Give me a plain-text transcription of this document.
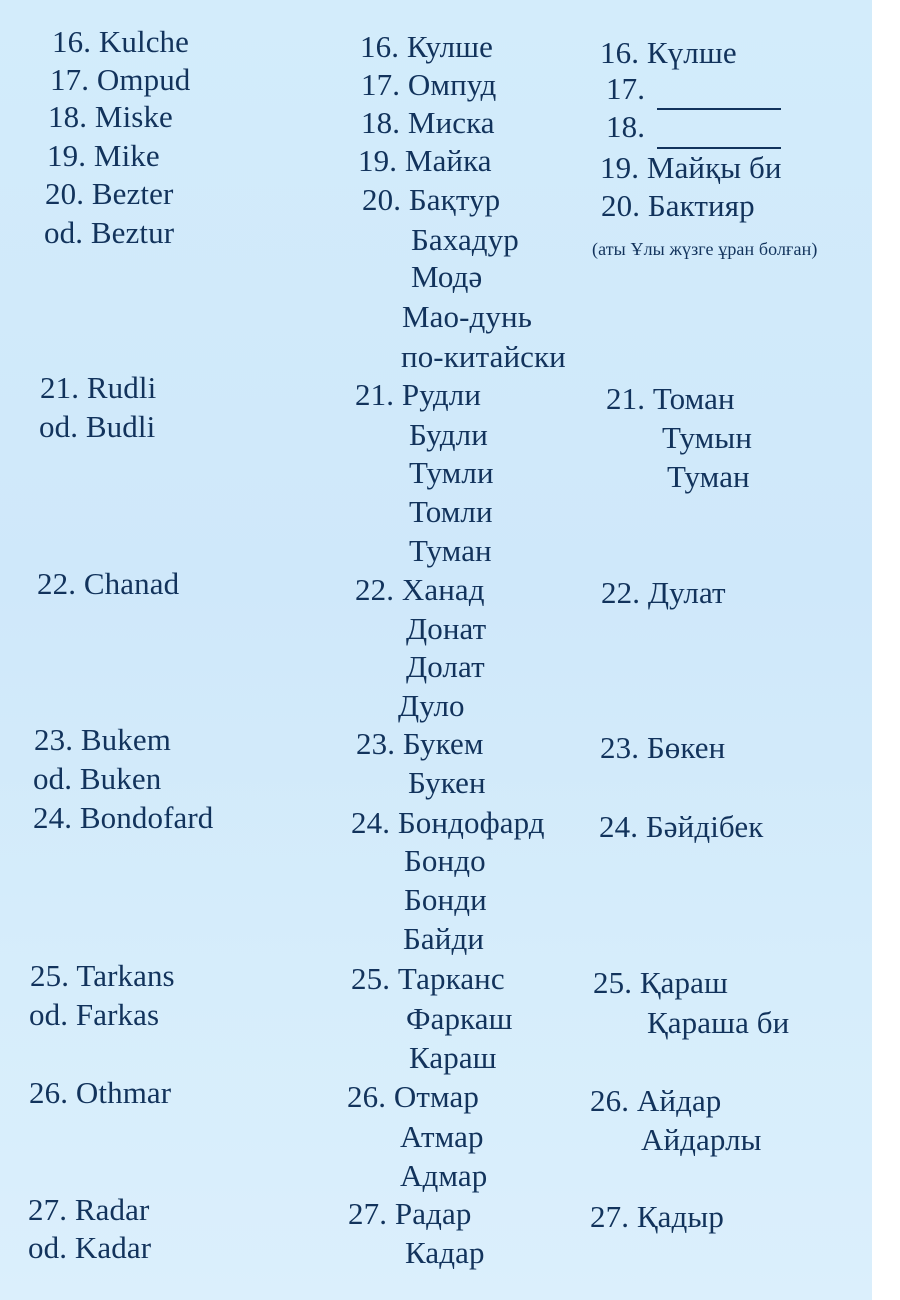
16. Kulche
17. Ompud
18. Miske
19. Mike
20. Bezter
od. Beztur
21. Rudli
od. Budli
22. Chanad
23. Bukem
od. Buken
24. Bondofard
25. Tarkans
od. Farkas
26. Othmar
27. Radar
od. Kadar
16. Кулше
17. Омпуд
18. Миска
19. Майка
20. Бақтур
Бахадур
Модә
Мао-дунь
по-китайски
21. Рудли
Будли
Тумли
Томли
Туман
22. Ханад
Донат
Долат
Дуло
23. Букем
Букен
24. Бондофард
Бондо
Бонди
Байди
25. Тарканс
Фаркаш
Караш
26. Отмар
Атмар
Адмар
27. Радар
Кадар
16. Күлше
17.
18.
19. Майқы би
20. Бактияр
(аты Ұлы жүзге ұран болған)
21. Томан
Тумын
Туман
22. Дулат
23. Бөкен
24. Бәйдібек
25. Қараш
Қараша би
26. Айдар
Айдарлы
27. Қадыр
